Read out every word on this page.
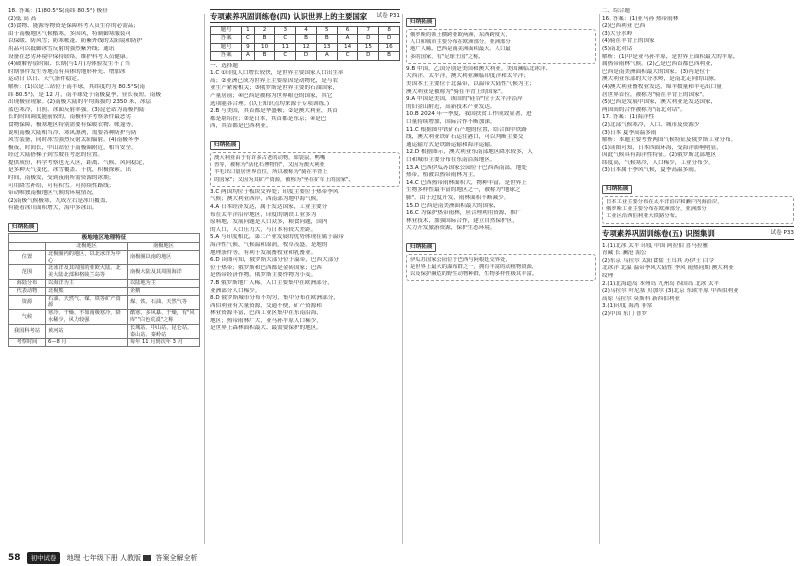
18. 答案：(1)80.5°S(南纬 80.5°) 极昼
(2)低 高 高
(3)食物、能源等物资是保障科考人员生存的必需品；
由于南极地区气候酷寒，多因风，特制御寒服装可
以保暖、防风雪；防寒帐篷、防紫外线的太阳镜和防护
用品可以抵御冰雪反射的强烈紫外线；通讯
设备在恶劣环境中保持联络，维护科考人员健康。
(4)破解停留时限、长期(与1月)为体验发生不了当
时期事件发生等地点有具体的地形补充、增加冰
运动日 以日、天气条件稳定。
解析：(1)以是二站位于南半球，其纬度约为 80.5°S(南
纬 80.5°)，是 12 月，南半球处于南极夏季，昼长夜短，南极
出现极昼现象。(2)南极大陆的平均海拔约 2350 米，冰层
蓝色寒冷，日照、冰面反射率强。(3)昆仑站为南极内陆
长的时间调度能前较的，南极科学考察条件最恶劣
食物保障，极寒地区特别需要有保暖衣物、帐篷等，
说明南极大陆相当冷、寒风凛冽，需要各种防护与防
风雪装备，同时冰雪强烈反射太阳辐射。(4)南极冬季
极夜，时间长，中山站位于南极圈附近，相当安全，
经过大陆搭梯子到雪坡在考虑的位置。
提供成份，科学考察也无人区，距离、气候、风向稳定，
是多种天气变化，冰雪覆盖、干扰，积极探索。出
时间，南极发，受到夜雨所需资源的冰期；
可用降雪补给，可有积雪。可持续性路线；
带动唯独南极地区气候的环境情况，
(2)南极气候极寒，九成左右是冰川覆盖，
有能看冰川面积增大，海中多冰山。
归纳拓展
极地地区地理特征
	北极地区	南极地区
位置	北极圈内的地区，以北冰洋为中心	南极圈以南的地区
范围	北冰洋及其周围的亚欧大陆、北美大陆北部和格陵兰岛等	南极大陆及其周围海洋
海陆分布	以海洋为主	以陆地为主
代表动物	北极熊	企鹅
资源	石油、天然气、煤、铁等矿产资源	煤、铁、石油、天然气等
气候	寒冷、干燥、不如南极寒冷，降水稀少，风力较强	酷寒、多风暴、干燥，有"风库""白色荒漠"之称
我国科考站	黄河站	长城站、中山站、昆仑站、泰山站、秦岭站
考察时间	6—8 月	每年 11 月到次年 3 月
专项素养巩固训练卷(四) 认识世界上的主要国家 试卷 P31
题号	1	2	3	4	5	6	7	8
答案	C	B	C	B	B	A	D	D
题号	9	10	11	12	13	14	15	16
答案	A	B	C	D	A	C	D	B
一、选择题
1.C ①印度人口增长较快，是世界主要国家人口出生率
高；②亚洲已成为世界上主要原因是动物化，是与农
业生产紧密相关；③俄罗斯是世界主要的石油国家，
产量居前；④巴西是被称为世界粮仓的国家，其它
选项能各合理。(以上知识点均来源于专项训练。)
2.B 与美国，其首都是华盛顿；②是澳大利亚，其首
都是堪培拉；③是日本，其首都是东京；④是巴
西，其首都是巴西利亚。
归纳拓展
澳大利亚由于有许多古老的动物，如袋鼠、鸭嘴
兽等，被称为"活化石博物馆"，又因为澳大利亚
羊毛出口量居世界首位，所以被称为"骑在羊背上
的国家"；又因为其矿产资源，被称为"坐在矿车上的国家"。
3.C 两国均位于板块交界处；印度主要位于热带季风
气候；澳大利亚西岸，西南部为地中海气候。
4.A 日本经济发达，属于发达国家，工业主要分
布在太平洋沿岸地区，印度的钢铁工业多为
原料地，发展问题是人口众多，粮食问题，国内
的人口，人口压力大，与日本有较大差距。
5.A 与印度相比，第二产业发展的优势体现在属于温带
海洋性气候，气候温和湿润，牧草茂盛，是地的
地理条件等，有利于发展畜牧业和乳畜业。
6.D 读图可知，俄罗斯大部分位于温带，巴西大部分
位于热带；俄罗斯和巴西都是金砖国家；巴西
是热带经济作物，俄罗斯主要作物为小麦。
7.B 俄罗斯地广人稀，人口主要集中在欧洲部分，
亚洲部分人口稀少。
8.D 俄罗斯城市分布不均匀，集中分布在欧洲部分，
西伯利亚有大量资源，交通不便，矿产资源和
林业资源丰富，巴西工业区集中在东南沿海，
地区；热带雨林广大，亚马孙平原人口稀少，
是世界上森林面积最大、最需要保护的地区。
归纳拓展
俄罗斯的领土横跨亚欧两洲，东西跨度大，
人口和城市主要分布在欧洲部分，亚洲部分
地广人稀。巴西是南美洲面积最大、人口最
多的国家，有"足球王国"之称。
9.B 甲国，乙国分别是美国和澳大利亚。美国濒临北冰洋、
大西洋、太平洋，澳大利亚濒临印度洋和太平洋；
美国本土主要位于北温带，以温带大陆性气候为主；
澳大利亚是被称为"骑在羊背上的国家"。
9.A 甲国是美国，该国的"硅谷"位于太平洋沿岸
的旧金山附近，高新技术产业发达。
10.B 2024 年一季度，我国扶贫工作成效显著，进
口量持续增加，国际合作不断加深。
11.C 根据图中铁矿石产地的位置，结合图中铁路
线，澳大利亚铁矿石运往港口，可以判断主要交
通运输方式是铁路运输和海洋运输。
12.D 根据图示，澳大利亚东南部地区降水较多，人
口和城市主要分布在东南沿海地区。
13.A 巴西伊瓜苏国家公园位于巴西西南部，地处
热带，植被以热带雨林为主。
14.C 巴西热带雨林面积大，物种丰富，是世界上
生物多样性最丰富的地区之一，被称为"地球之
肺"。由于过度开发，雨林面积不断减少。
15.D 巴西是南美洲面积最大的国家，
16.C 为保护热带雨林，应合理利用资源，推广
林业技术，加强国际合作，建立自然保护区，
大力开发旅游资源，保护生态环境。
归纳拓展
伊瓜苏国家公园位于巴西与阿根廷交界处，
是世界上最大的瀑布群之一，拥有丰富的动植物资源，
以及保护濒危的野生动物种群，生物多样性极其丰富。
二、综合题
16. 答案：(1)亚马孙 热带雨林
(2)巴西利亚 巴西
(3)大分水岭
(4)骑在羊背上的国家
(5)南北对话
解析：(1)甲是亚马孙平原，是世界上面积最大的平原，
属热带雨林气候。(2)乙是巴西首都巴西利亚，
巴西是南美洲面积最大的国家。(3)丙是位于
澳大利亚东部的大分水岭，是南北走向的山脉。
(4)澳大利亚畜牧业发达，绵羊数量和羊毛出口量
居世界首位，被称为"骑在羊背上的国家"。
(5)巴西是发展中国家，澳大利亚是发达国家，
两国间的合作被称为"南北对话"。
17. 答案：(1)海洋性
(2)北部气候寒冷，人口、城市及资源少
(3)日本 夏季高温多雨
解析：本题主要考查两国气候特征及俄罗斯工业分布。
(1)读图可知，日本四面环海，受海洋影响明显，
因此气候具有海洋性特征。(2)俄罗斯北部地区
纬度高，气候寒冷，人口稀少，工业分布少。
(3)日本属于季风气候，夏季高温多雨。
归纳拓展
日本工业主要分布在太平洋沿岸和濑户内海沿岸，
俄罗斯工业主要分布在欧洲部分，亚洲部分
工业区沿西伯利亚大铁路分布。
专项素养巩固训练卷(五) 识图集训	试卷 P33
1.(1)北冰 太平 印度 中国 阿拉伯 喜马拉雅
青藏 长 澜沧 湄公
(2)东京 乌拉尔 太阳食盐 土耳其 苏伊士 白令
北冰洋 北温 温带季风大陆性 季风 雨热同期 澳大利亚
纹理
2.(1)北海道岛 本州岛 九州岛 四国岛 北冰 太平
(2)乌拉尔 叶尼塞 贝加尔 (3)北京 东欧平原 中西伯利亚
高原 乌拉尔 莫斯科 新西伯利亚
3.(1)印度 海湾 非常
(2)中国 东门 普罗
58 初中试卷 地理 七年级下册 人教版 答案全解全析
